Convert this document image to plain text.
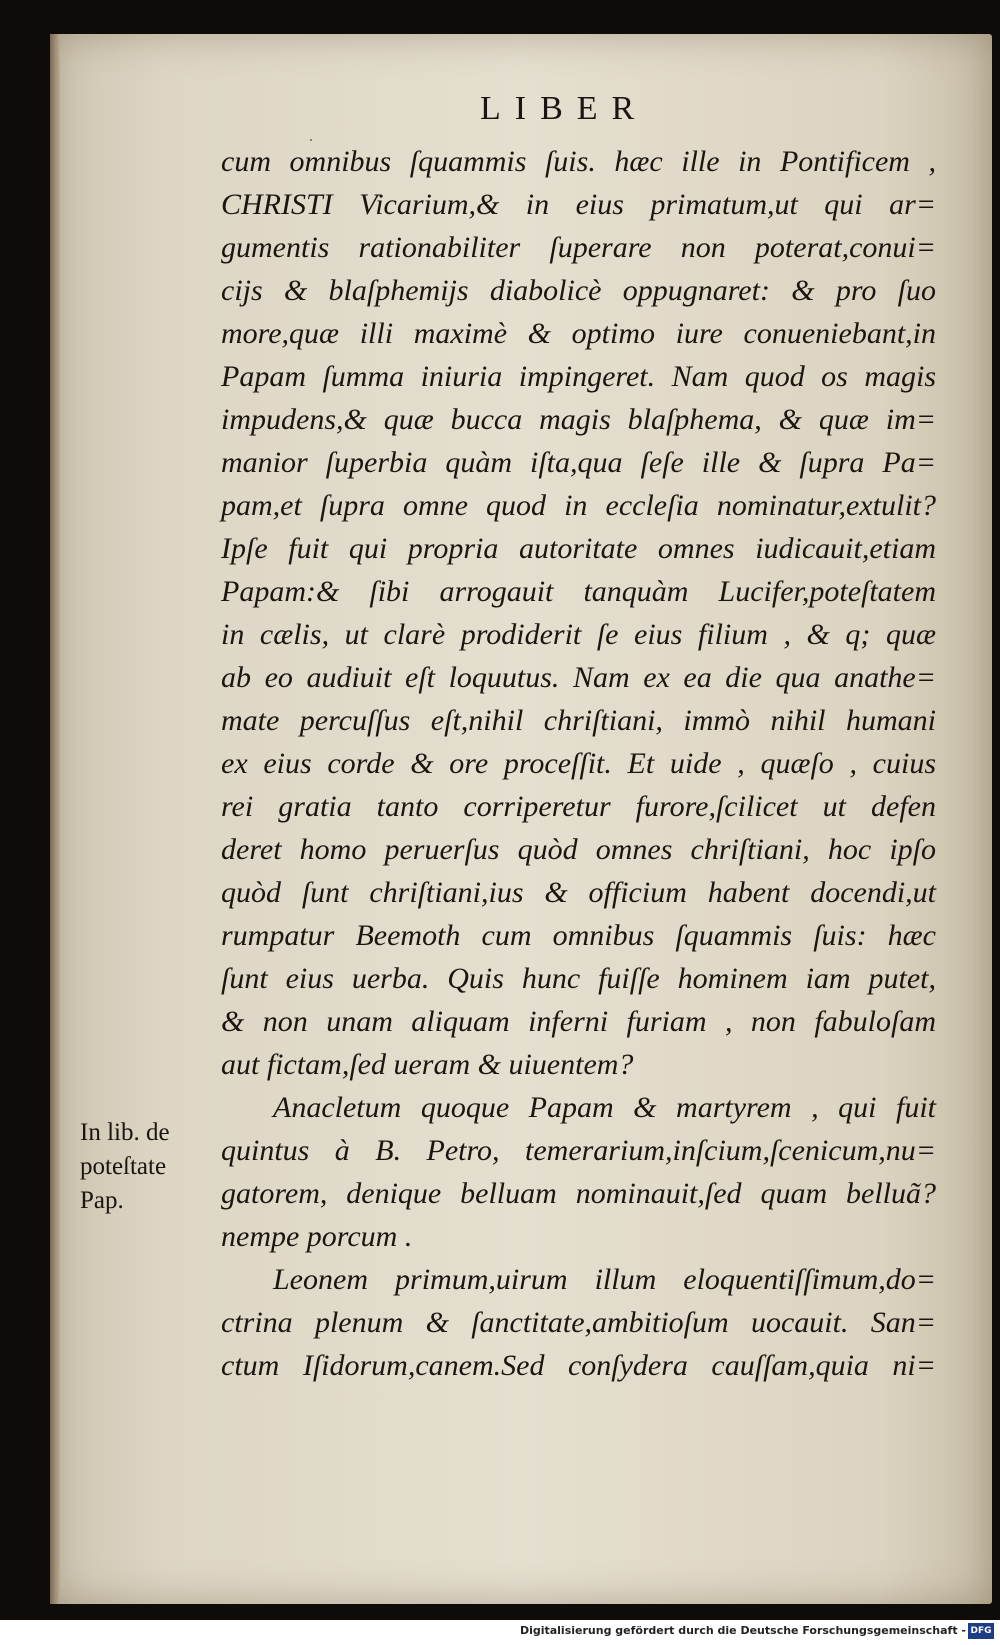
·
LIBER
cum omnibus ſquammis ſuis. hæc ille in Pontificem ,
CHRISTI Vicarium,& in eius primatum,ut qui ar=
gumentis rationabiliter ſuperare non poterat,conui=
cijs & blaſphemijs diabolicè oppugnaret: & pro ſuo
more,quæ illi maximè & optimo iure conueniebant,in
Papam ſumma iniuria impingeret. Nam quod os magis
impudens,& quæ bucca magis blaſphema, & quæ im=
manior ſuperbia quàm iſta,qua ſeſe ille & ſupra Pa=
pam,et ſupra omne quod in eccleſia nominatur,extulit?
Ipſe fuit qui propria autoritate omnes iudicauit,etiam
Papam:& ſibi arrogauit tanquàm Lucifer,poteſtatem
in cælis, ut clarè prodiderit ſe eius filium , & q; quæ
ab eo audiuit eſt loquutus. Nam ex ea die qua anathe=
mate percuſſus eſt,nihil chriſtiani, immò nihil humani
ex eius corde & ore proceſſit. Et uide , quæſo , cuius
rei gratia tanto corriperetur furore,ſcilicet ut defen
deret homo peruerſus quòd omnes chriſtiani, hoc ipſo
quòd ſunt chriſtiani,ius & officium habent docendi,ut
rumpatur Beemoth cum omnibus ſquammis ſuis: hæc
ſunt eius uerba. Quis hunc fuiſſe hominem iam putet,
& non unam aliquam inferni furiam , non fabuloſam
aut fictam,ſed ueram & uiuentem?
Anacletum quoque Papam & martyrem , qui fuit
quintus à B. Petro, temerarium,inſcium,ſcenicum,nu=
gatorem, denique belluam nominauit,ſed quam belluã?
nempe porcum .
Leonem primum,uirum illum eloquentiſſimum,do=
ctrina plenum & ſanctitate,ambitioſum uocauit. San=
ctum Iſidorum,canem.Sed conſydera cauſſam,quia ni=
In lib. de
poteſtate
Pap.
Digitalisierung gefördert durch die Deutsche Forschungsgemeinschaft - DFG
